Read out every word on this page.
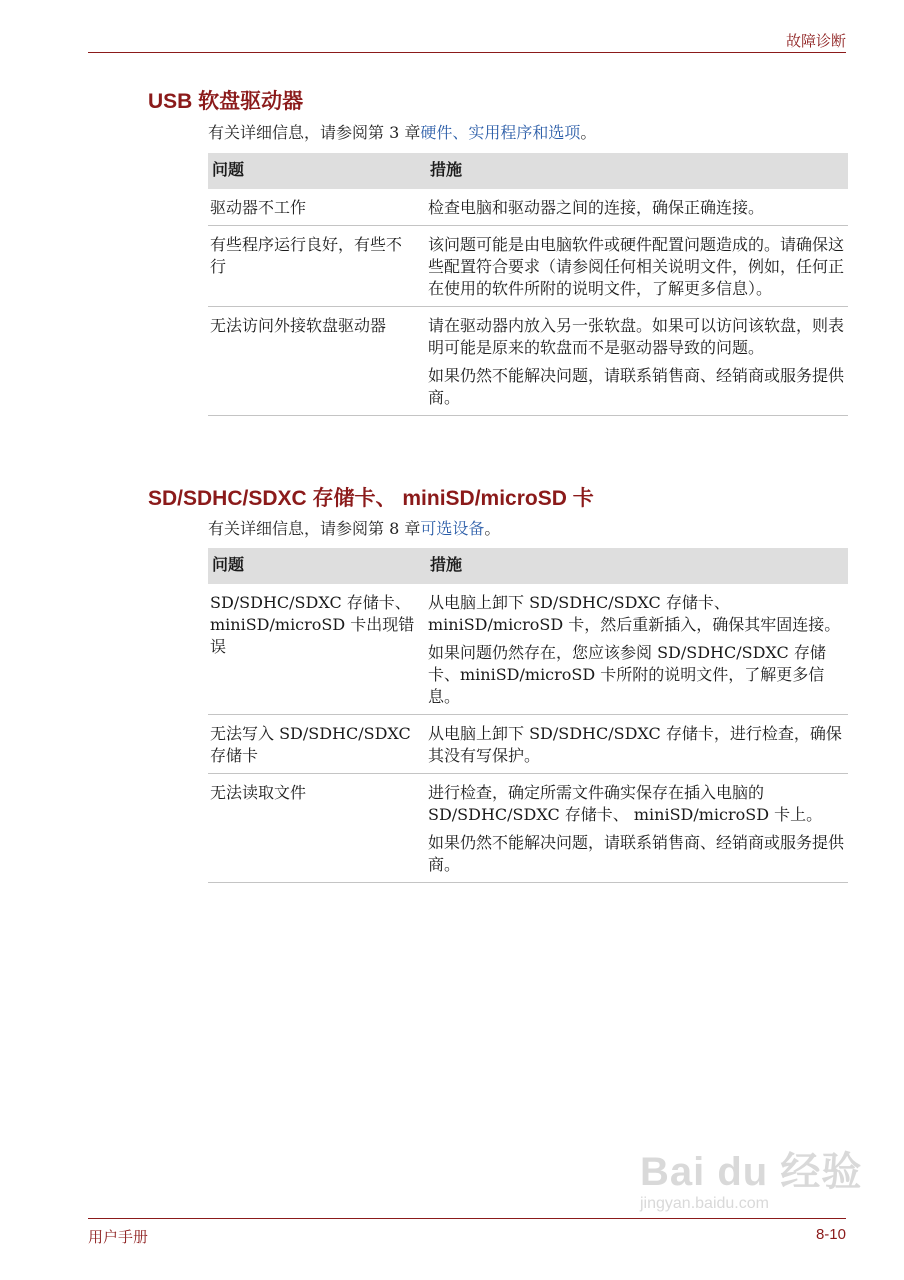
故障诊断
USB 软盘驱动器
有关详细信息，请参阅第 3 章硬件、实用程序和选项。
问题	措施
驱动器不工作	检查电脑和驱动器之间的连接，确保正确连接。

有些程序运行良好，有些不行	该问题可能是由电脑软件或硬件配置问题造成的。请确保这些配置符合要求（请参阅任何相关说明文件，例如，任何正在使用的软件所附的说明文件，了解更多信息）。

无法访问外接软盘驱动器	请在驱动器内放入另一张软盘。如果可以访问该软盘，则表明可能是原来的软盘而不是驱动器导致的问题。

如果仍然不能解决问题，请联系销售商、经销商或服务提供商。

SD/SDHC/SDXC 存储卡、 miniSD/microSD 卡
有关详细信息，请参阅第 8 章可选设备。
问题	措施
SD/SDHC/SDXC 存储卡、 miniSD/microSD 卡出现错误	从电脑上卸下 SD/SDHC/SDXC 存储卡、miniSD/microSD 卡，然后重新插入，确保其牢固连接。

如果问题仍然存在，您应该参阅 SD/SDHC/SDXC 存储卡、miniSD/microSD 卡所附的说明文件，了解更多信息。

无法写入 SD/SDHC/SDXC 存储卡	从电脑上卸下 SD/SDHC/SDXC 存储卡，进行检查，确保其没有写保护。

无法读取文件	进行检查，确定所需文件确实保存在插入电脑的 SD/SDHC/SDXC 存储卡、 miniSD/microSD 卡上。

如果仍然不能解决问题，请联系销售商、经销商或服务提供商。

Bai du 经验
jingyan.baidu.com
用户手册	8-10
